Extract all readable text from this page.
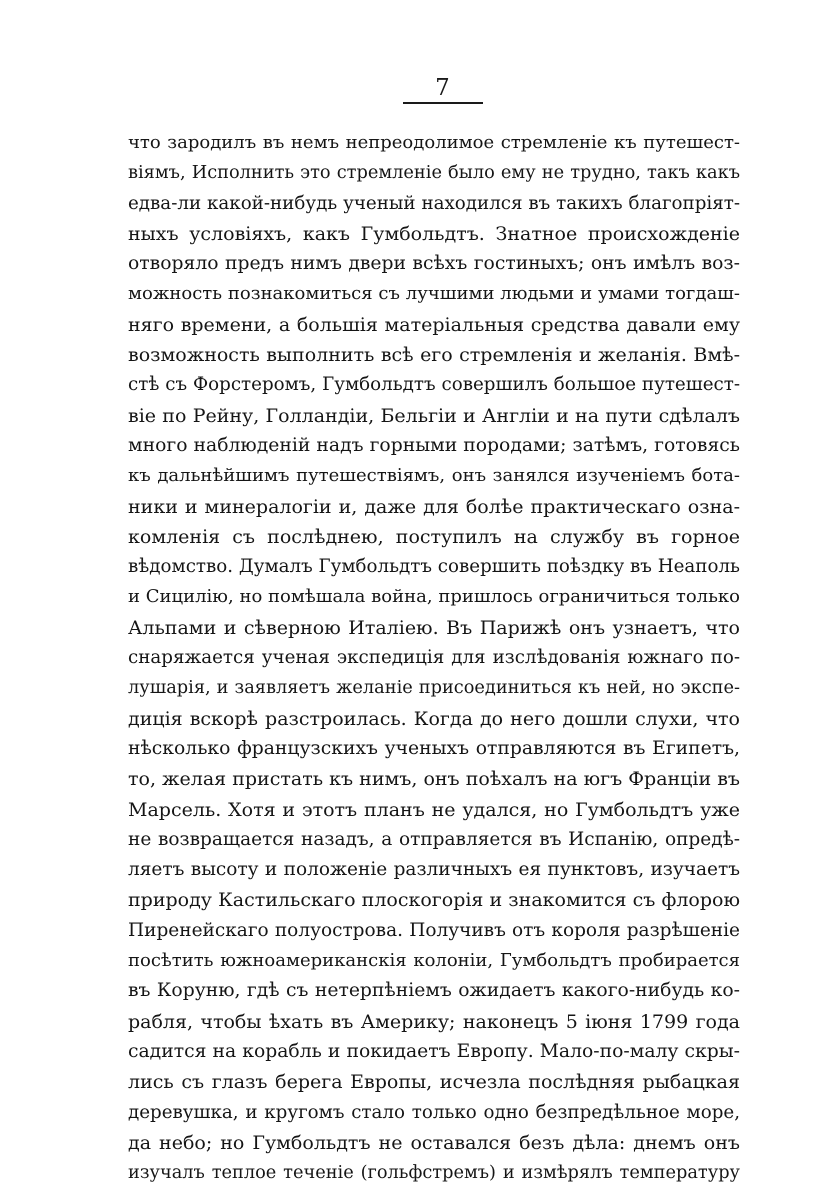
7
что зародилъ въ немъ непреодолимое стремленіе къ путешест-
віямъ, Исполнить это стремленіе было ему не трудно, такъ какъ
едва-ли какой-нибудь ученый находился въ такихъ благопріят-
ныхъ условіяхъ, какъ Гумбольдтъ. Знатное происхожденіе
отворяло предъ нимъ двери всѣхъ гостиныхъ; онъ имѣлъ воз-
можность познакомиться съ лучшими людьми и умами тогдаш-
няго времени, а большія матеріальныя средства давали ему
возможность выполнить всѣ его стремленія и желанія. Вмѣ-
стѣ съ Форстеромъ, Гумбольдтъ совершилъ большое путешест-
віе по Рейну, Голландіи, Бельгіи и Англіи и на пути сдѣлалъ
много наблюденій надъ горными породами; затѣмъ, готовясь
къ дальнѣйшимъ путешествіямъ, онъ занялся изученіемъ бота-
ники и минералогіи и, даже для болѣе практическаго озна-
комленія съ послѣднею, поступилъ на службу въ горное
вѣдомство. Думалъ Гумбольдтъ совершить поѣздку въ Неаполь
и Сицилію, но помѣшала война, пришлось ограничиться только
Альпами и сѣверною Италіею. Въ Парижѣ онъ узнаетъ, что
снаряжается ученая экспедиція для изслѣдованія южнаго по-
лушарія, и заявляетъ желаніе присоединиться къ ней, но экспе-
диція вскорѣ разстроилась. Когда до него дошли слухи, что
нѣсколько французскихъ ученыхъ отправляются въ Египетъ,
то, желая пристать къ нимъ, онъ поѣхалъ на югъ Франціи въ
Марсель. Хотя и этотъ планъ не удался, но Гумбольдтъ уже
не возвращается назадъ, а отправляется въ Испанію, опредѣ-
ляетъ высоту и положеніе различныхъ ея пунктовъ, изучаетъ
природу Кастильскаго плоскогорія и знакомится съ флорою
Пиренейскаго полуострова. Получивъ отъ короля разрѣшеніе
посѣтить южноамериканскія колоніи, Гумбольдтъ пробирается
въ Коруню, гдѣ съ нетерпѣніемъ ожидаетъ какого-нибудь ко-
рабля, чтобы ѣхать въ Америку; наконецъ 5 іюня 1799 года
садится на корабль и покидаетъ Европу. Мало-по-малу скры-
лись съ глазъ берега Европы, исчезла послѣдняя рыбацкая
деревушка, и кругомъ стало только одно безпредѣльное море,
да небо; но Гумбольдтъ не оставался безъ дѣла: днемъ онъ
изучалъ теплое теченіе (гольфстремъ) и измѣрялъ температуру
